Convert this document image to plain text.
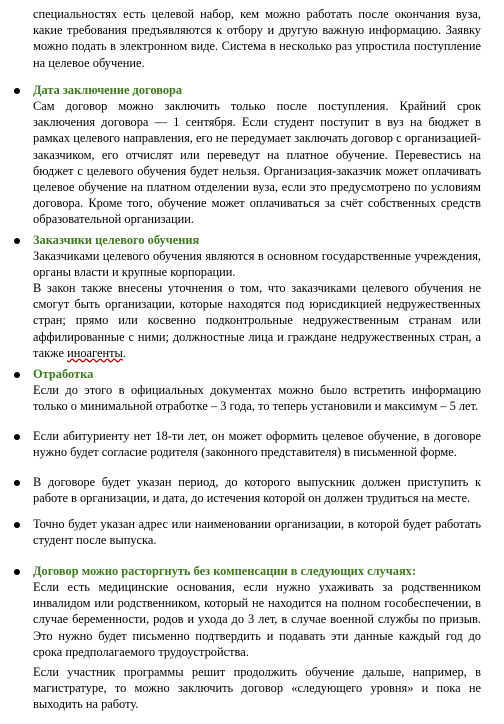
специальностях есть целевой набор, кем можно работать после окончания вуза, какие требования предъявляются к отбору и другую важную информацию. Заявку можно подать в электронном виде. Система в несколько раз упростила поступление на целевое обучение.

Дата заключение договора

Сам договор можно заключить только после поступления. Крайний срок заключения договора — 1 сентября. Если студент поступит в вуз на бюджет в рамках целевого направления, его не передумает заключать договор с организацией-заказчиком, его отчислят или переведут на платное обучение. Перевестись на бюджет с целевого обучения будет нельзя. Организация-заказчик может оплачивать целевое обучение на платном отделении вуза, если это предусмотрено по условиям договора. Кроме того, обучение может оплачиваться за счёт собственных средств образовательной организации.

Заказчики целевого обучения

Заказчиками целевого обучения являются в основном государственные учреждения, органы власти и крупные корпорации.

В закон также внесены уточнения о том, что заказчиками целевого обучения не смогут быть организации, которые находятся под юрисдикцией недружественных стран; прямо или косвенно подконтрольные недружественным странам или аффилированные с ними; должностные лица и граждане недружественных стран, а также иноагенты.

Отработка

Если до этого в официальных документах можно было встретить информацию только о минимальной отработке – 3 года, то теперь установили и максимум – 5 лет.

Если абитуриенту нет 18-ти лет, он может оформить целевое обучение, в договоре нужно будет согласие родителя (законного представителя) в письменной форме.

В договоре будет указан период, до которого выпускник должен приступить к работе в организации, и дата, до истечения которой он должен трудиться на месте.

Точно будет указан адрес или наименовании организации, в которой будет работать студент после выпуска.

Договор можно расторгнуть без компенсации в следующих случаях:

Если есть медицинские основания, если нужно ухаживать за родственником инвалидом или родственником, который не находится на полном гособеспечении, в случае беременности, родов и ухода до 3 лет, в случае военной службы по призыв. Это нужно будет письменно подтвердить и подавать эти данные каждый год до срока предполагаемого трудоустройства.

Если участник программы решит продолжить обучение дальше, например, в магистратуре, то можно заключить договор «следующего уровня» и пока не выходить на работу.
